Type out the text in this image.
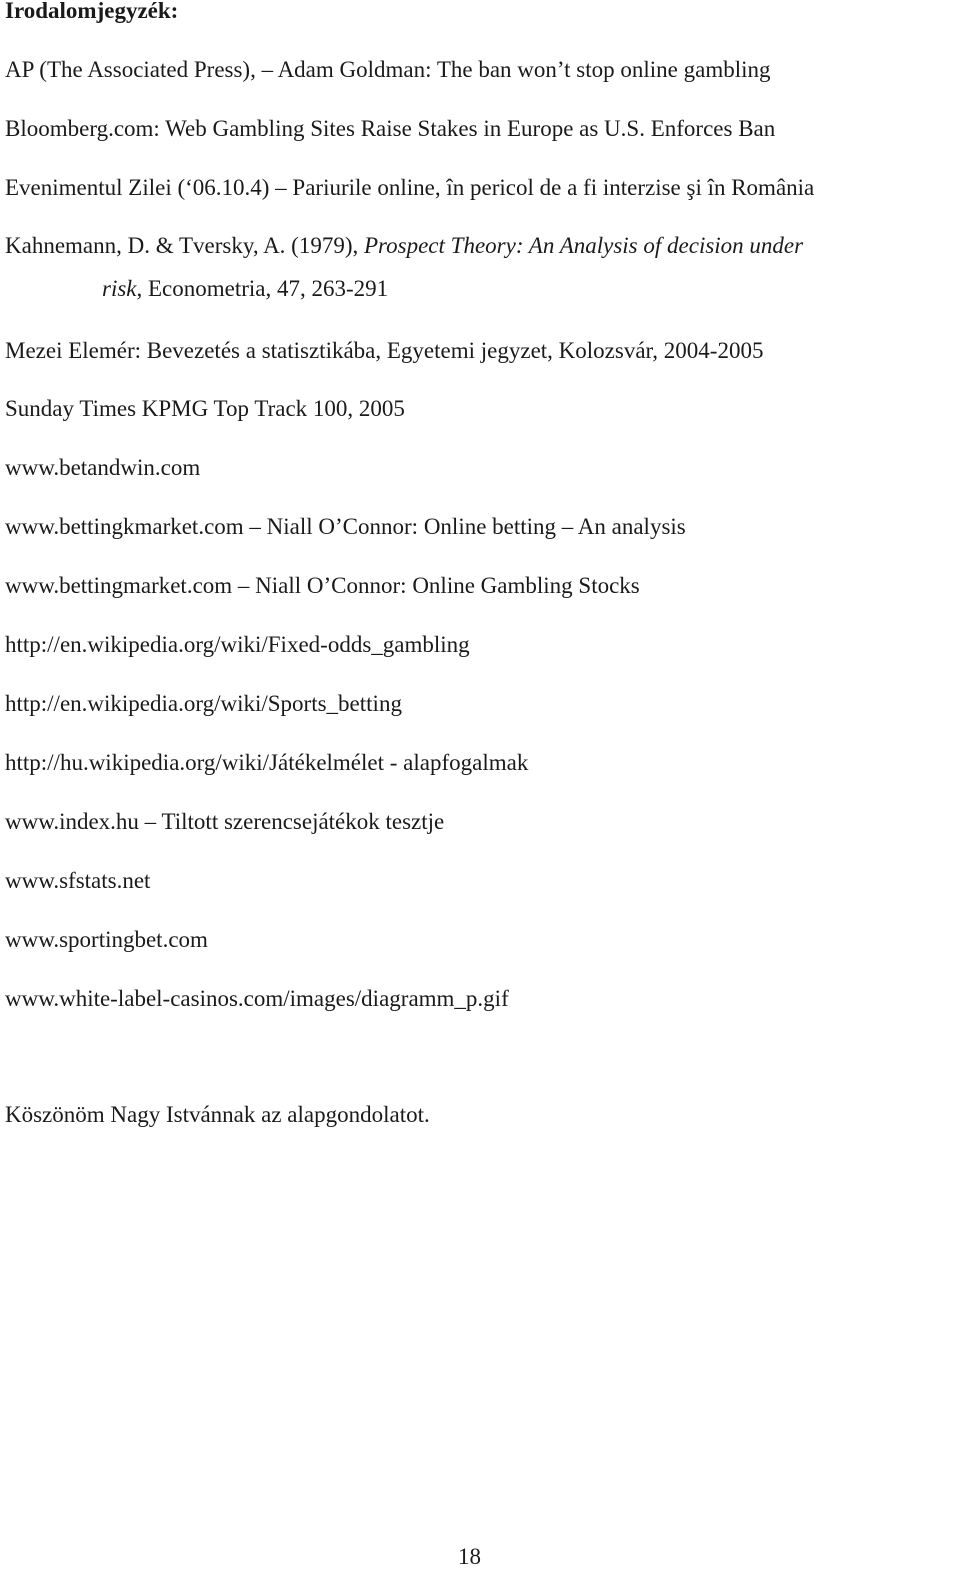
Irodalomjegyzék:
AP (The Associated Press), – Adam Goldman: The ban won’t stop online gambling
Bloomberg.com: Web Gambling Sites Raise Stakes in Europe as U.S. Enforces Ban
Evenimentul Zilei (‘06.10.4) – Pariurile online, în pericol de a fi interzise şi în România
Kahnemann, D. & Tversky, A. (1979), Prospect Theory: An Analysis of decision under
risk, Econometria, 47, 263-291
Mezei Elemér: Bevezetés a statisztikába, Egyetemi jegyzet, Kolozsvár, 2004-2005
Sunday Times KPMG Top Track 100, 2005
www.betandwin.com
www.bettingkmarket.com – Niall O’Connor: Online betting – An analysis
www.bettingmarket.com – Niall O’Connor: Online Gambling Stocks
http://en.wikipedia.org/wiki/Fixed-odds_gambling
http://en.wikipedia.org/wiki/Sports_betting
http://hu.wikipedia.org/wiki/Játékelmélet - alapfogalmak
www.index.hu – Tiltott szerencsejátékok tesztje
www.sfstats.net
www.sportingbet.com
www.white-label-casinos.com/images/diagramm_p.gif

Köszönöm Nagy Istvánnak az alapgondolatot.

18
